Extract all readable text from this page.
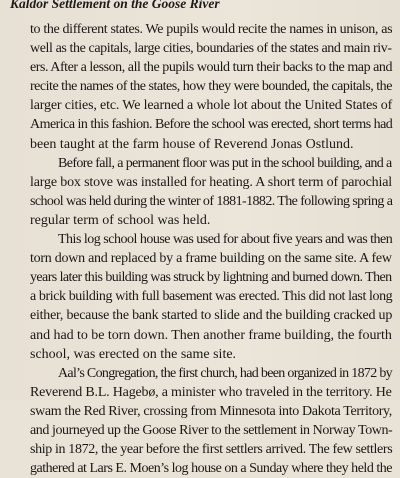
Kaldor Settlement on the Goose River
to the different states. We pupils would recite the names in unison, as
well as the capitals, large cities, boundaries of the states and main riv-
ers. After a lesson, all the pupils would turn their backs to the map and
recite the names of the states, how they were bounded, the capitals, the
larger cities, etc. We learned a whole lot about the United States of
America in this fashion. Before the school was erected, short terms had
been taught at the farm house of Reverend Jonas Ostlund.
Before fall, a permanent floor was put in the school building, and a
large box stove was installed for heating. A short term of parochial
school was held during the winter of 1881-1882. The following spring a
regular term of school was held.
This log school house was used for about five years and was then
torn down and replaced by a frame building on the same site. A few
years later this building was struck by lightning and burned down. Then
a brick building with full basement was erected. This did not last long
either, because the bank started to slide and the building cracked up
and had to be torn down. Then another frame building, the fourth
school, was erected on the same site.
Aal’s Congregation, the first church, had been organized in 1872 by
Reverend B.L. Hagebø, a minister who traveled in the territory. He
swam the Red River, crossing from Minnesota into Dakota Territory,
and journeyed up the Goose River to the settlement in Norway Town-
ship in 1872, the year before the first settlers arrived. The few settlers
gathered at Lars E. Moen’s log house on a Sunday where they held the
